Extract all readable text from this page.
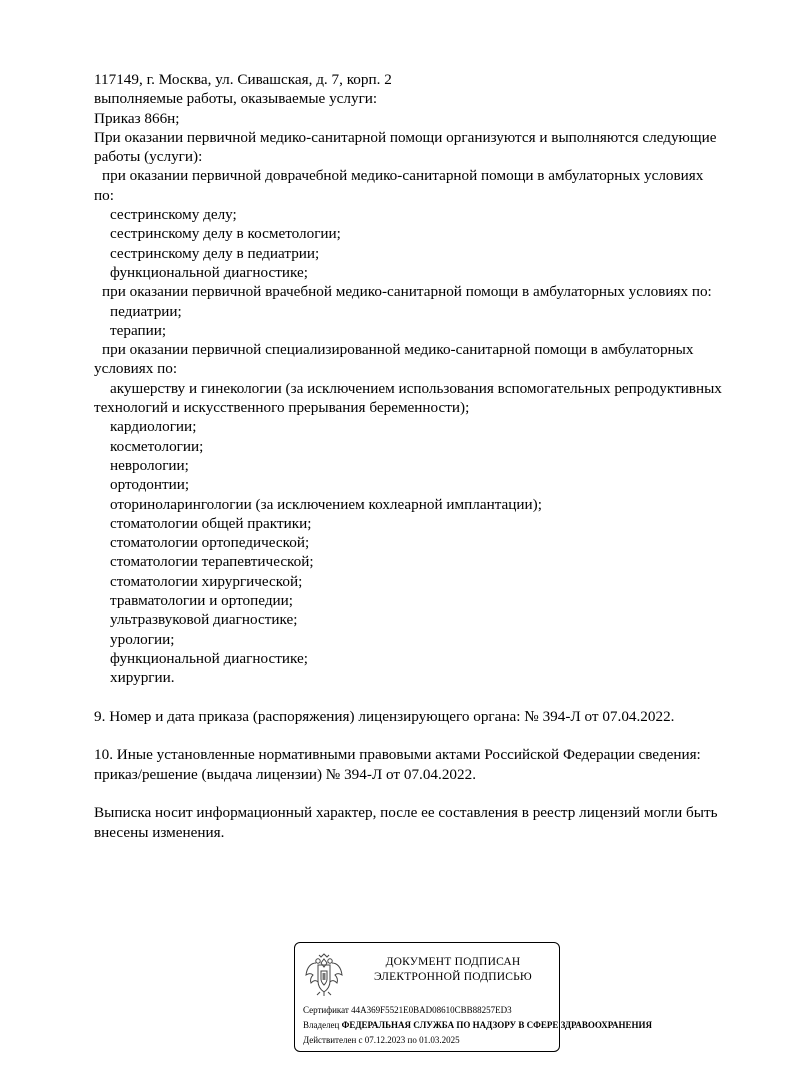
117149, г. Москва, ул. Сивашская, д. 7, корп. 2
выполняемые работы, оказываемые услуги:
Приказ 866н;
При оказании первичной медико-санитарной помощи организуются и выполняются следующие
работы (услуги):
при оказании первичной доврачебной медико-санитарной помощи в амбулаторных условиях
по:
сестринскому делу;
сестринскому делу в косметологии;
сестринскому делу в педиатрии;
функциональной диагностике;
при оказании первичной врачебной медико-санитарной помощи в амбулаторных условиях по:
педиатрии;
терапии;
при оказании первичной специализированной медико-санитарной помощи в амбулаторных
условиях по:
акушерству и гинекологии (за исключением использования вспомогательных репродуктивных
технологий и искусственного прерывания беременности);
кардиологии;
косметологии;
неврологии;
ортодонтии;
оториноларингологии (за исключением кохлеарной имплантации);
стоматологии общей практики;
стоматологии ортопедической;
стоматологии терапевтической;
стоматологии хирургической;
травматологии и ортопедии;
ультразвуковой диагностике;
урологии;
функциональной диагностике;
хирургии.
9. Номер и дата приказа (распоряжения) лицензирующего органа: № 394-Л от 07.04.2022.
10. Иные установленные нормативными правовыми актами Российской Федерации сведения:
приказ/решение (выдача лицензии) № 394-Л от 07.04.2022.
Выписка носит информационный характер, после ее составления в реестр лицензий могли быть
внесены изменения.
ДОКУМЕНТ ПОДПИСАН
ЭЛЕКТРОННОЙ ПОДПИСЬЮ
Сертификат 44A369F5521E0BAD08610CBB88257ED3
Владелец ФЕДЕРАЛЬНАЯ СЛУЖБА ПО НАДЗОРУ В СФЕРЕ ЗДРАВООХРАНЕНИЯ
Действителен с 07.12.2023 по 01.03.2025
